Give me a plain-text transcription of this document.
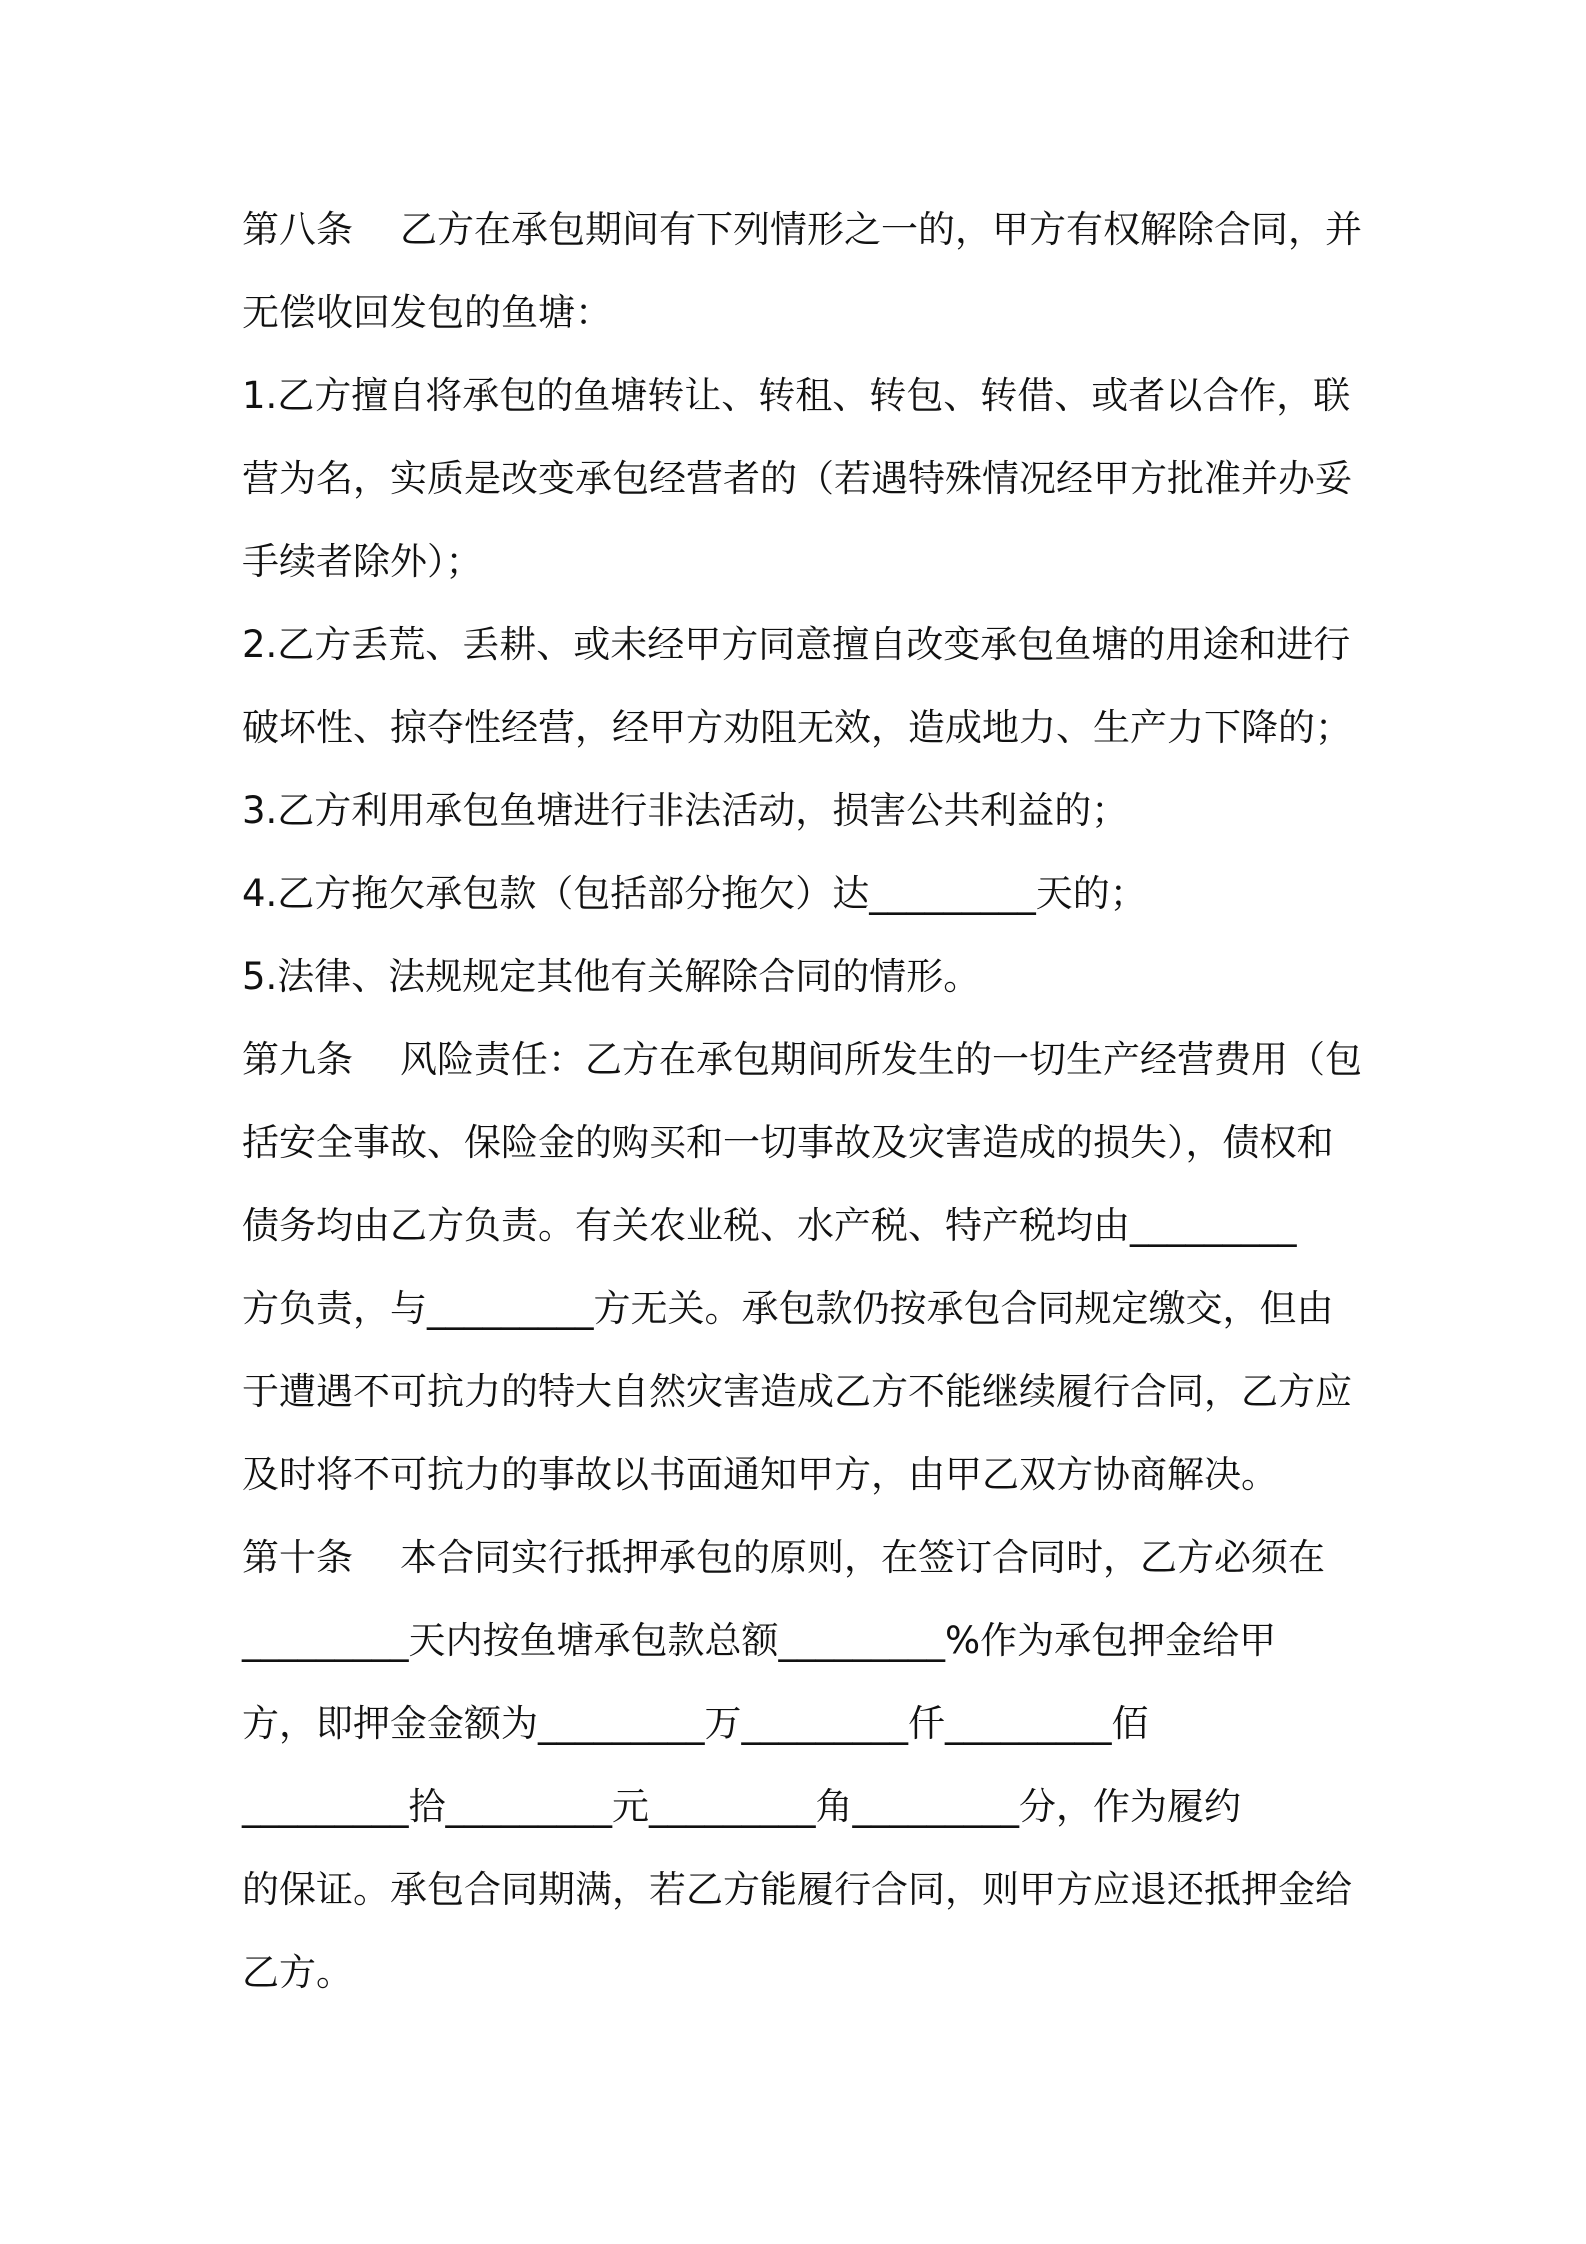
第八条    乙方在承包期间有下列情形之一的，甲方有权解除合同，并
无偿收回发包的鱼塘：
1.乙方擅自将承包的鱼塘转让、转租、转包、转借、或者以合作，联
营为名，实质是改变承包经营者的（若遇特殊情况经甲方批准并办妥
手续者除外）；
2.乙方丢荒、丢耕、或未经甲方同意擅自改变承包鱼塘的用途和进行
破坏性、掠夺性经营，经甲方劝阻无效，造成地力、生产力下降的；
3.乙方利用承包鱼塘进行非法活动，损害公共利益的；
4.乙方拖欠承包款（包括部分拖欠）达_________天的；
5.法律、法规规定其他有关解除合同的情形。
第九条    风险责任：乙方在承包期间所发生的一切生产经营费用（包
括安全事故、保险金的购买和一切事故及灾害造成的损失），债权和
债务均由乙方负责。有关农业税、水产税、特产税均由_________
方负责，与_________方无关。承包款仍按承包合同规定缴交，但由
于遭遇不可抗力的特大自然灾害造成乙方不能继续履行合同，乙方应
及时将不可抗力的事故以书面通知甲方，由甲乙双方协商解决。
第十条    本合同实行抵押承包的原则，在签订合同时，乙方必须在
_________天内按鱼塘承包款总额_________%作为承包押金给甲
方，即押金金额为_________万_________仟_________佰
_________拾_________元_________角_________分，作为履约
的保证。承包合同期满，若乙方能履行合同，则甲方应退还抵押金给
乙方。
